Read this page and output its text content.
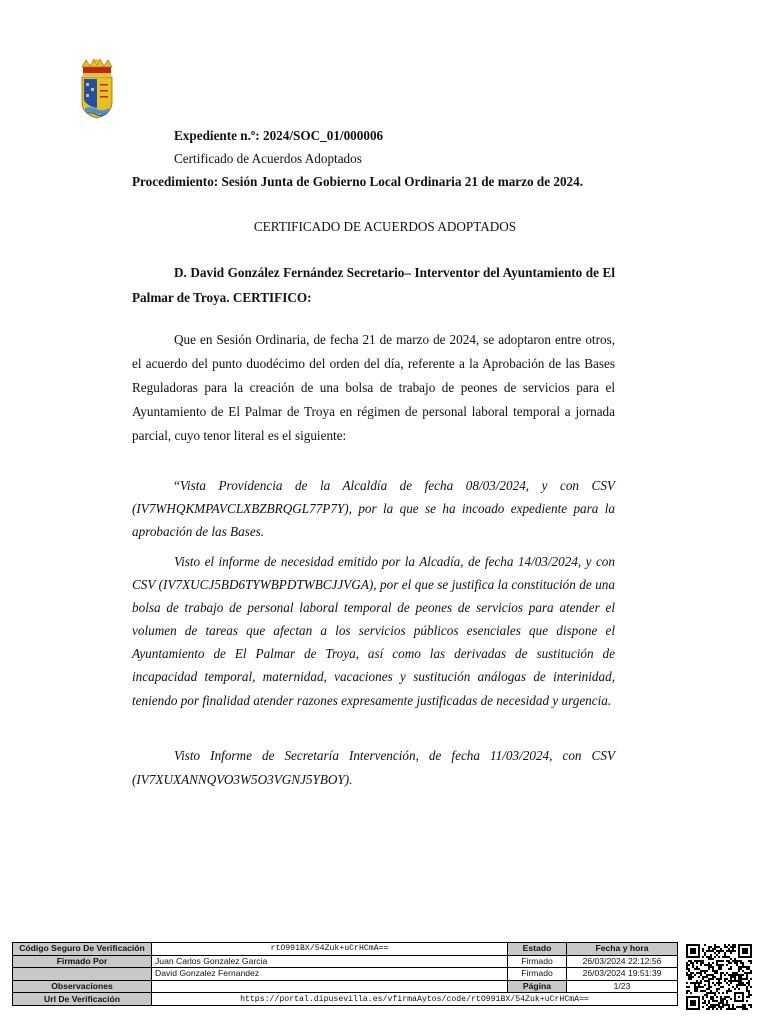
Expediente n.º: 2024/SOC_01/000006
Certificado de Acuerdos Adoptados
Procedimiento: Sesión Junta de Gobierno Local Ordinaria 21 de marzo de 2024.
CERTIFICADO DE ACUERDOS ADOPTADOS
D. David González Fernández Secretario– Interventor del Ayuntamiento de El Palmar de Troya. CERTIFICO:
Que en Sesión Ordinaria, de fecha 21 de marzo de 2024, se adoptaron entre otros, el acuerdo del punto duodécimo del orden del día, referente a la Aprobación de las Bases Reguladoras para la creación de una bolsa de trabajo de peones de servicios para el Ayuntamiento de El Palmar de Troya en régimen de personal laboral temporal a jornada parcial, cuyo tenor literal es el siguiente:
“Vista Providencia de la Alcaldía de fecha 08/03/2024, y con CSV (IV7WHQKMPAVCLXBZBRQGL77P7Y), por la que se ha incoado expediente para la aprobación de las Bases.
Visto el informe de necesidad emitido por la Alcadía, de fecha 14/03/2024, y con CSV (IV7XUCJ5BD6TYWBPDTWBCJJVGA), por el que se justifica la constitución de una bolsa de trabajo de personal laboral temporal de peones de servicios para atender el volumen de tareas que afectan a los servicios públicos esenciales que dispone el Ayuntamiento de El Palmar de Troya, así como las derivadas de sustitución de incapacidad temporal, maternidad, vacaciones y sustitución análogas de interinidad, teniendo por finalidad atender razones expresamente justificadas de necesidad y urgencia.
Visto Informe de Secretaría Intervención, de fecha 11/03/2024, con CSV (IV7XUXANNQVO3W5O3VGNJ5YBOY).
Código Seguro De Verificación	rtO991BX/54Zuk+uCrHCmA==	Estado	Fecha y hora
Firmado Por	Juan Carlos Gonzalez Garcia	Firmado	26/03/2024 22:12:56
	David Gonzalez Fernandez	Firmado	26/03/2024 19:51:39
Observaciones		Página	1/23
Url De Verificación	https://portal.dipusevilla.es/vfirmaAytos/code/rtO991BX/54Zuk+uCrHCmA==		
